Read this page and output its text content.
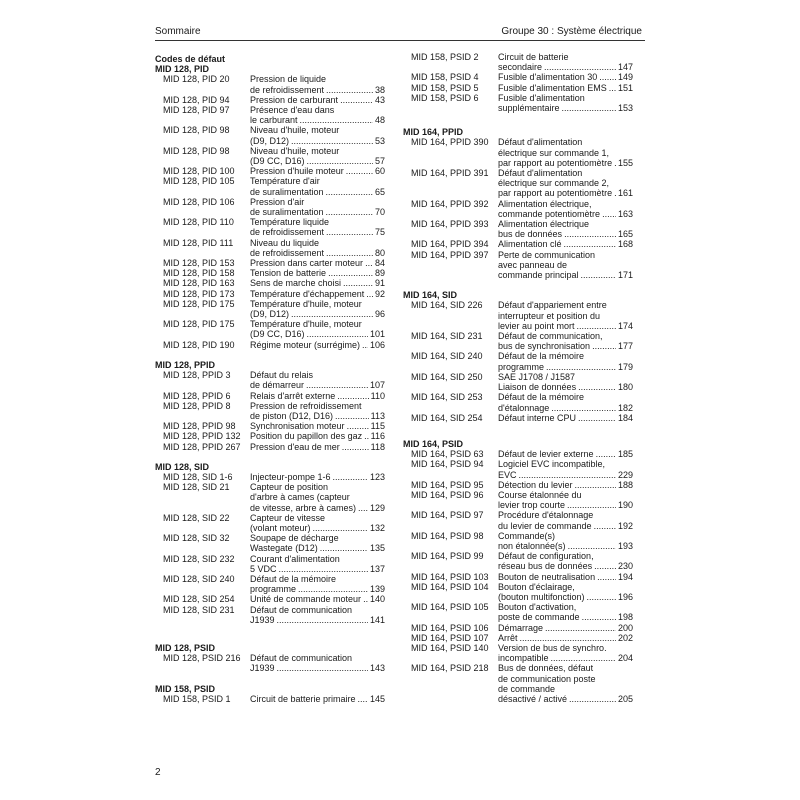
Sommaire	Groupe 30 : Système électrique
Codes de défaut
MID 128, PID
MID 128, PID 20	Pression de liquide
de refroidissement .....	38
MID 128, PID 94	Pression de carburant .....	43
MID 128, PID 97	Présence d'eau dans
le carburant .....	48
MID 128, PID 98	Niveau d'huile, moteur
(D9, D12) .....	53
MID 128, PID 98	Niveau d'huile, moteur
(D9 CC, D16) .....	57
MID 128, PID 100	Pression d'huile moteur .....	60
MID 128, PID 105	Température d'air
de suralimentation .....	65
MID 128, PID 106	Pression d'air
de suralimentation .....	70
MID 128, PID 110	Température liquide
de refroidissement .....	75
MID 128, PID 111	Niveau du liquide
de refroidissement .....	80
MID 128, PID 153	Pression dans carter moteur ..... 84
MID 128, PID 158	Tension de batterie .....	89
MID 128, PID 163	Sens de marche choisi .....	91
MID 128, PID 173	Température d'échappement ..... 92
MID 128, PID 175	Température d'huile, moteur
(D9, D12) .....	96
MID 128, PID 175	Température d'huile, moteur
(D9 CC, D16) .....	101
MID 128, PID 190	Régime moteur (surrégime) ..... 106
MID 128, PPID
MID 128, PPID 3	Défaut du relais
de démarreur .....	107
MID 128, PPID 6	Relais d'arrêt externe .....	110
MID 128, PPID 8	Pression de refroidissement
de piston (D12, D16) .....	113
MID 128, PPID 98	Synchronisation moteur .....	115
MID 128, PPID 132	Position du papillon des gaz ..... 116
MID 128, PPID 267	Pression d'eau de mer .....	118
MID 128, SID
MID 128, SID 1-6	Injecteur-pompe 1-6 .....	123
MID 128, SID 21	Capteur de position
d'arbre à cames (capteur
de vitesse, arbre à cames) ..... 129
MID 128, SID 22	Capteur de vitesse
(volant moteur) .....	132
MID 128, SID 32	Soupape de décharge
Wastegate (D12) .....	135
MID 128, SID 232	Courant d'alimentation
5 VDC .....	137
MID 128, SID 240	Défaut de la mémoire
programme .....	139
MID 128, SID 254	Unité de commande moteur ..... 140
MID 128, SID 231	Défaut de communication
J1939 .....	141
MID 128, PSID
MID 128, PSID 216	Défaut de communication
J1939 .....	143
MID 158, PSID
MID 158, PSID 1	Circuit de batterie primaire ..... 145
MID 158, PSID 2	Circuit de batterie
secondaire .....	147
MID 158, PSID 4	Fusible d'alimentation 30 ..... 149
MID 158, PSID 5	Fusible d'alimentation EMS ..... 151
MID 158, PSID 6	Fusible d'alimentation
supplémentaire .....	153
MID 164, PPID
MID 164, PPID 390	Défaut d'alimentation
électrique sur commande 1,
par rapport au potentiomètre ..... 155
MID 164, PPID 391	Défaut d'alimentation
électrique sur commande 2,
par rapport au potentiomètre ..... 161
MID 164, PPID 392	Alimentation électrique,
commande potentiomètre ..... 163
MID 164, PPID 393	Alimentation électrique
bus de données .....	165
MID 164, PPID 394	Alimentation clé .....	168
MID 164, PPID 397	Perte de communication
avec panneau de
commande principal .....	171
MID 164, SID
MID 164, SID 226	Défaut d'appariement entre
interrupteur et position du
levier au point mort .....	174
MID 164, SID 231	Défaut de communication,
bus de synchronisation .....	177
MID 164, SID 240	Défaut de la mémoire
programme .....	179
MID 164, SID 250	SAE J1708 / J1587
Liaison de données .....	180
MID 164, SID 253	Défaut de la mémoire
d'étalonnage .....	182
MID 164, SID 254	Défaut interne CPU .....	184
MID 164, PSID
MID 164, PSID 63	Défaut de levier externe .....	185
MID 164, PSID 94	Logiciel EVC incompatible,
EVC .....	229
MID 164, PSID 95	Détection du levier .....	188
MID 164, PSID 96	Course étalonnée du
levier trop courte .....	190
MID 164, PSID 97	Procédure d'étalonnage
du levier de commande .....	192
MID 164, PSID 98	Commande(s)
non étalonnée(s) .....	193
MID 164, PSID 99	Défaut de configuration,
réseau bus de données .....	230
MID 164, PSID 103	Bouton de neutralisation .....	194
MID 164, PSID 104	Bouton d'éclairage,
(bouton multifonction) .....	196
MID 164, PSID 105	Bouton d'activation,
poste de commande .....	198
MID 164, PSID 106	Démarrage .....	200
MID 164, PSID 107	Arrêt .....	202
MID 164, PSID 140	Version de bus de synchro.
incompatible .....	204
MID 164, PSID 218	Bus de données, défaut
de communication poste
de commande
désactivé / activé .....	205
2
